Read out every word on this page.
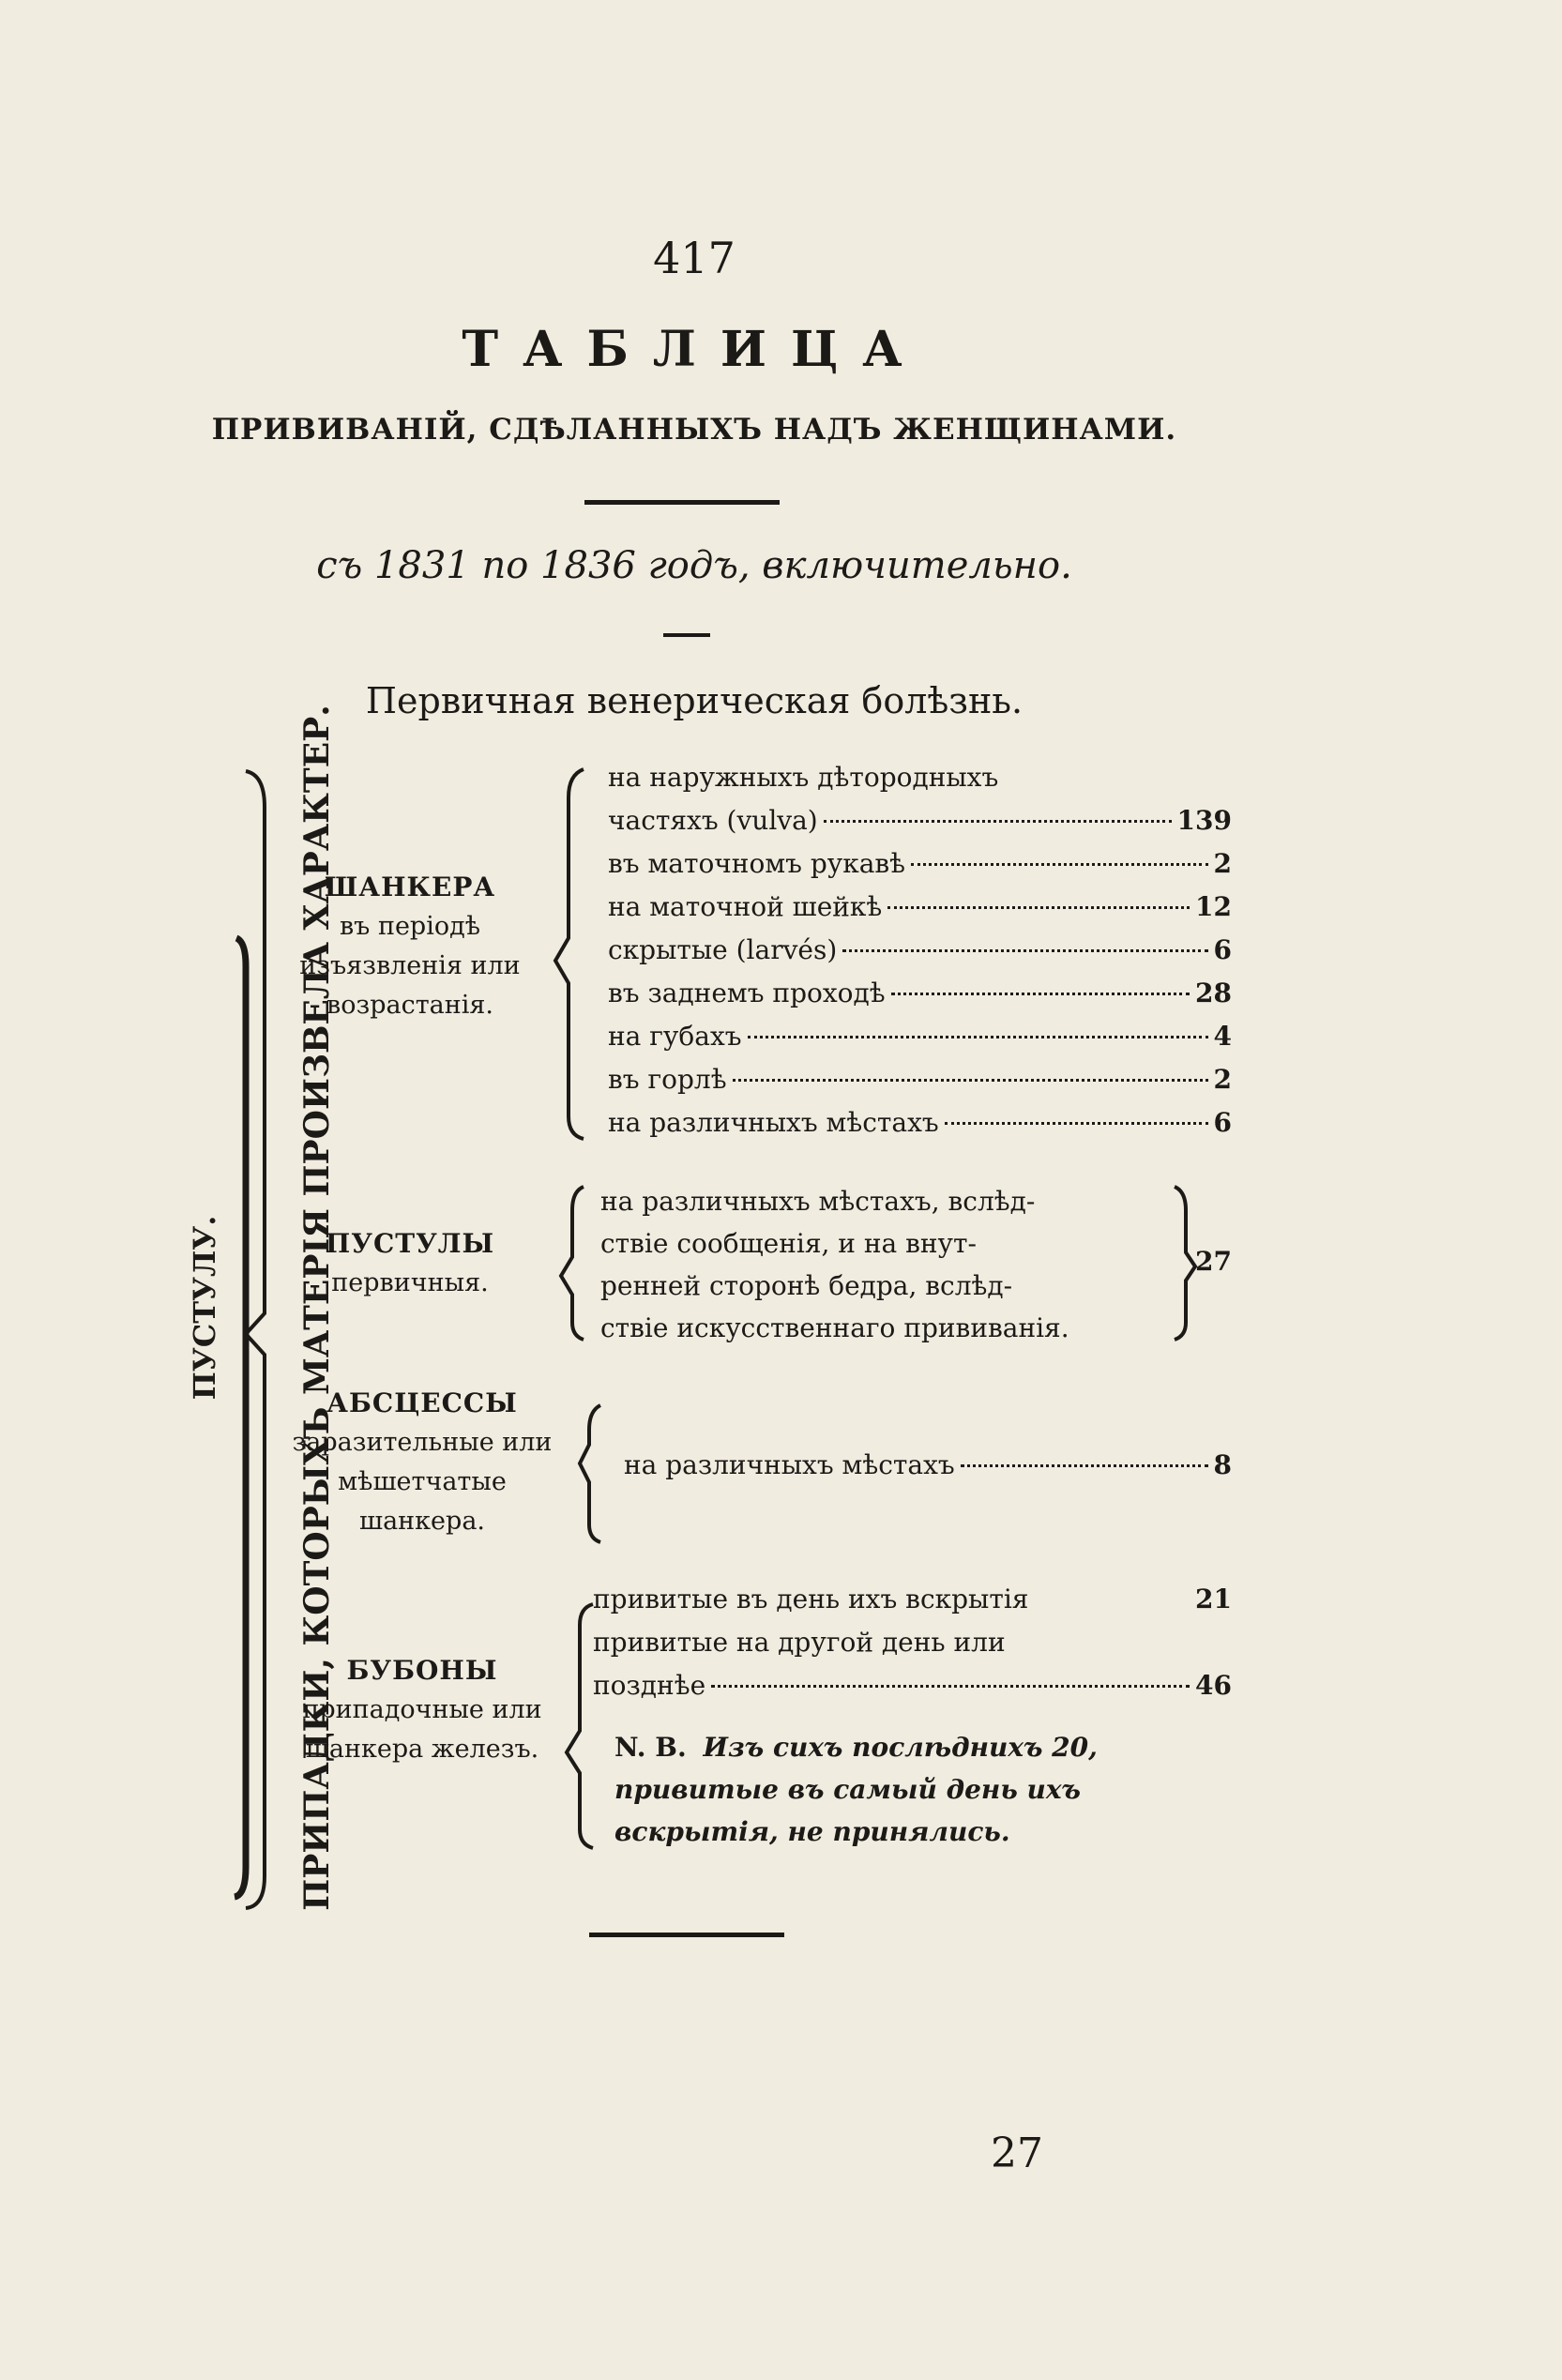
417

ТАБЛИЦА

ПРИВИВАНІЙ, СДѢЛАННЫХЪ НАДЪ ЖЕНЩИНАМИ.

съ 1831 по 1836 годъ, включительно.

Первичная венерическая болѣзнь.

ПРИПАДКИ, КОТОРЫХЪ МАТЕРІЯ ПРОИЗВЕЛА ХАРАКТЕР.
ПУСТУЛУ.
ШАНКЕРА
въ періодѣ изъязвленія или возрастанія.
на наружныхъ дѣтородныхъ
частяхъ (vulva)	139
въ маточномъ рукавѣ	2
на маточной шейкѣ	12
скрытые (larvés)	6
въ заднемъ проходѣ	28
на губахъ	4
въ горлѣ	2
на различныхъ мѣстахъ	6
ПУСТУЛЫ
первичныя.
на различныхъ мѣстахъ, вслѣд-
ствіе сообщенія, и на внут-
ренней сторонѣ бедра, вслѣд-
ствіе искусственнаго прививанія.
27
АБСЦЕССЫ
заразительные или мѣшетчатые шанкера.
на различныхъ мѣстахъ	8
БУБОНЫ
припадочные или шанкера железъ.
привитые въ день ихъ вскрытія	21
привитые на другой день или
позднѣе	46
N. B. Изъ сихъ послѣднихъ 20,
привитые въ самый день ихъ
вскрытія, не принялись.

27
